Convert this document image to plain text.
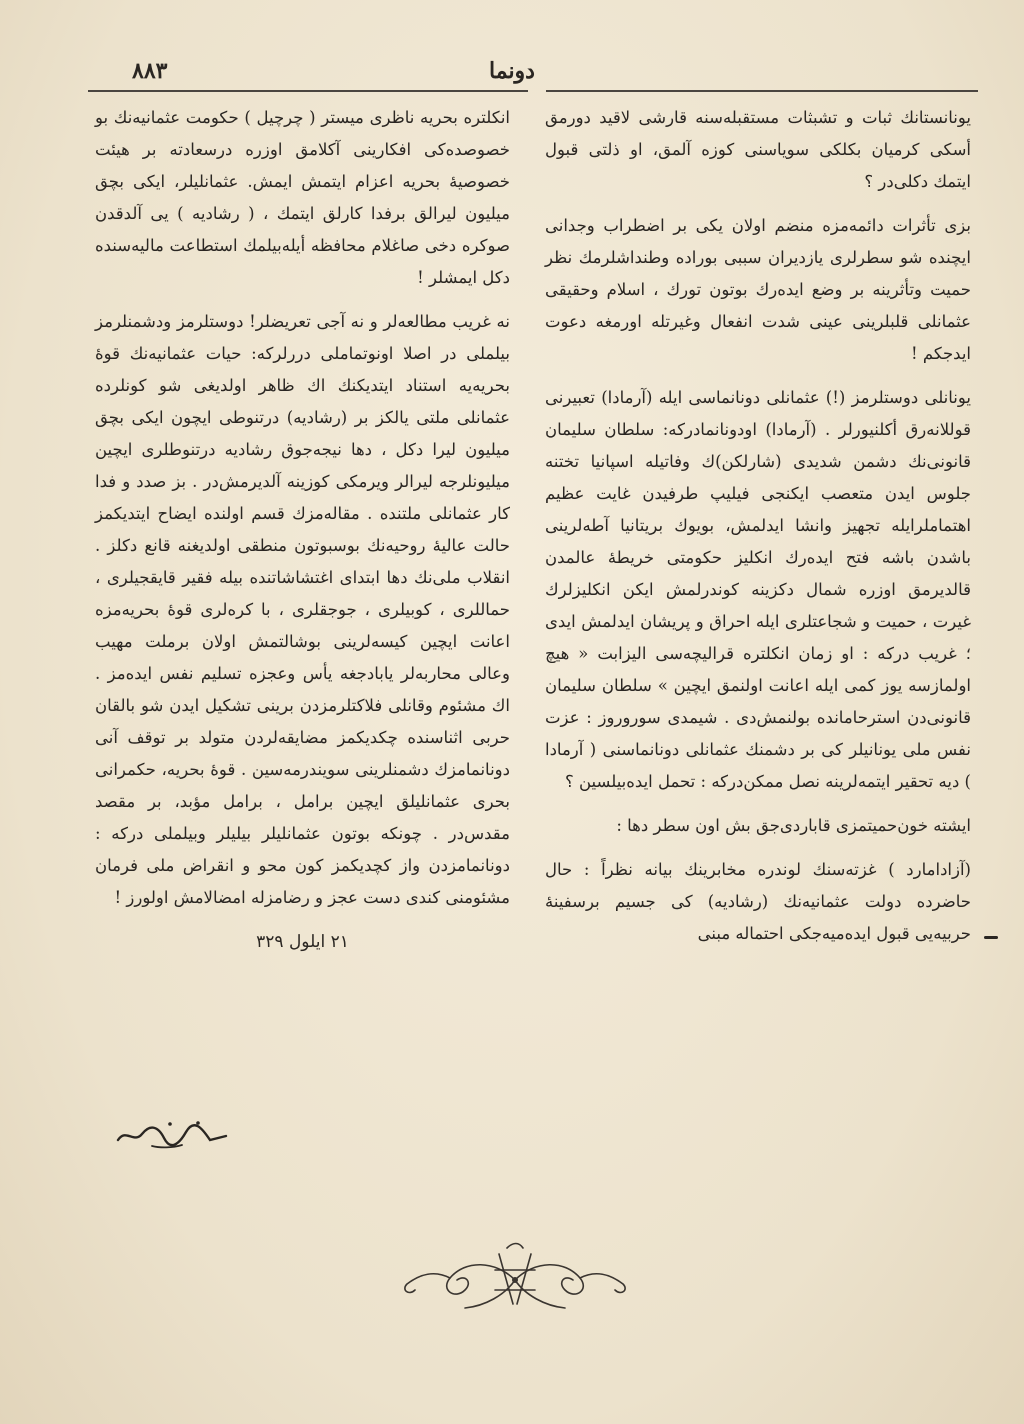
٨٨٣	دونما

يونانستانك ثبات و تشبثات مستقبله‌سنه قارشى لاقيد دورمق أسكى كرميان بكلكى سوياسنى كوزه آلمق، او ذلتى قبول ايتمك دكلى‌در ؟

بزى تأثرات دائمه‌مزه منضم اولان يكى بر اضطراب وجدانى ايچنده شو سطرلرى يازديران سببى بوراده وطنداشلرمك نظر حميت وتأثرينه بر وضع ايده‌رك بوتون تورك ، اسلام وحقيقى عثمانلى قلبلرينى عينى شدت انفعال وغيرتله اورمغه دعوت ايدجكم !

يونانلى دوستلرمز (!) عثمانلى دونانماسى ايله (آرمادا) تعبيرنى قوللانه‌رق أكلنيورلر . (آرمادا) اودونانمادركه: سلطان سليمان قانونى‌نك دشمن شديدى (شارلكن)ك وفاتيله اسپانيا تختنه جلوس ايدن متعصب ايكنجى فيليپ طرفيدن غايت عظيم اهتماملرايله تجهيز وانشا ايدلمش، بويوك بريتانيا آطه‌لرينى باشدن باشه فتح ايده‌رك انكليز حكومتى خريطهٔ عالمدن قالديرمق اوزره شمال دكزينه كوندرلمش ايكن انكليزلرك غيرت ، حميت و شجاعتلرى ايله احراق و پريشان ايدلمش ايدى ؛ غريب دركه : او زمان انكلتره قراليچه‌سى اليزابت « هيچ اولمازسه يوز كمى ايله اعانت اولنمق ايچين » سلطان سليمان قانونى‌دن استرحامانده بولنمش‌دى . شيمدى سوروروز : عزت نفس ملى يونانيلر كى بر دشمنك عثمانلى دونانماسنى ( آرمادا ) ديه تحقير ايتمه‌لرينه نصل ممكن‌دركه : تحمل ايده‌بيلسين ؟

ايشته خون‌حميتمزى قاباردى‌جق بش اون سطر دها :

(آزادامارد ) غزته‌سنك لوندره مخابرينك بيانه نظراً : حال حاضرده دولت عثمانيه‌نك (رشاديه) كى جسيم برسفينهٔ حربيه‌يى قبول ايده‌ميه‌جكى احتماله مبنى

انكلتره بحريه ناظرى ميستر ( چرچيل ) حكومت عثمانيه‌نك بو خصوصده‌كى افكارينى آكلامق اوزره درسعادته بر هيئت خصوصيهٔ بحريه اعزام ايتمش ايمش. عثمانليلر، ايكى بچق ميليون ليرالق برفدا كارلق ايتمك ، ( رشاديه ) يى آلدقدن صوكره دخى صاغلام محافظه أيله‌بيلمك استطاعت ماليه‌سنده دكل ايمشلر !

نه غريب مطالعه‌لر و نه آجى تعريضلر! دوستلرمز ودشمنلرمز بيلملى در اصلا اونوتماملى دررلركه: حيات عثمانيه‌نك قوهٔ بحريه‌يه استناد ايتديكنك اك ظاهر اولديغى شو كونلرده عثمانلى ملتى يالكز بر (رشاديه) درتنوطى ايچون ايكى بچق ميليون ليرا دكل ، دها نيجه‌جوق رشاديه درتنوطلرى ايچين ميليونلرجه ليرالر ويرمكى كوزينه آلديرمش‌در . بز صدد و فدا كار عثمانلى ملتنده . مقاله‌مزك قسم اولنده ايضاح ايتديكمز حالت عاليهٔ روحيه‌نك بوسبوتون منطقى اولديغنه قانع دكلز . انقلاب ملى‌نك دها ابتداى اغتشاشاتنده بيله فقير قايقجيلرى ، حماللرى ، كوبيلرى ، جوجقلرى ، با كره‌لرى قوهٔ بحريه‌مزه اعانت ايچين كيسه‌لرينى بوشالتمش اولان برملت مهيب وعالى محاربه‌لر يابادجغه يأس وعجزه تسليم نفس ايده‌مز . اك مشئوم وقانلى فلاكتلرمزدن برينى تشكيل ايدن شو بالقان حربى اثناسنده چكديكمز مضايقه‌لردن متولد بر توقف آنى دونانمامزك دشمنلرينى سويندرمه‌سين . قوهٔ بحريه، حكمرانى بحرى عثمانليلق ايچين برامل ، برامل مؤبد، بر مقصد مقدس‌در . چونكه بوتون عثمانليلر بيليلر وبيلملى دركه : دونانمامزدن واز كچديكمز كون محو و انقراض ملى فرمان مشئومنى كندى دست عجز و رضامزله امضالامش اولورز !

٢١ ايلول ٣٢٩
